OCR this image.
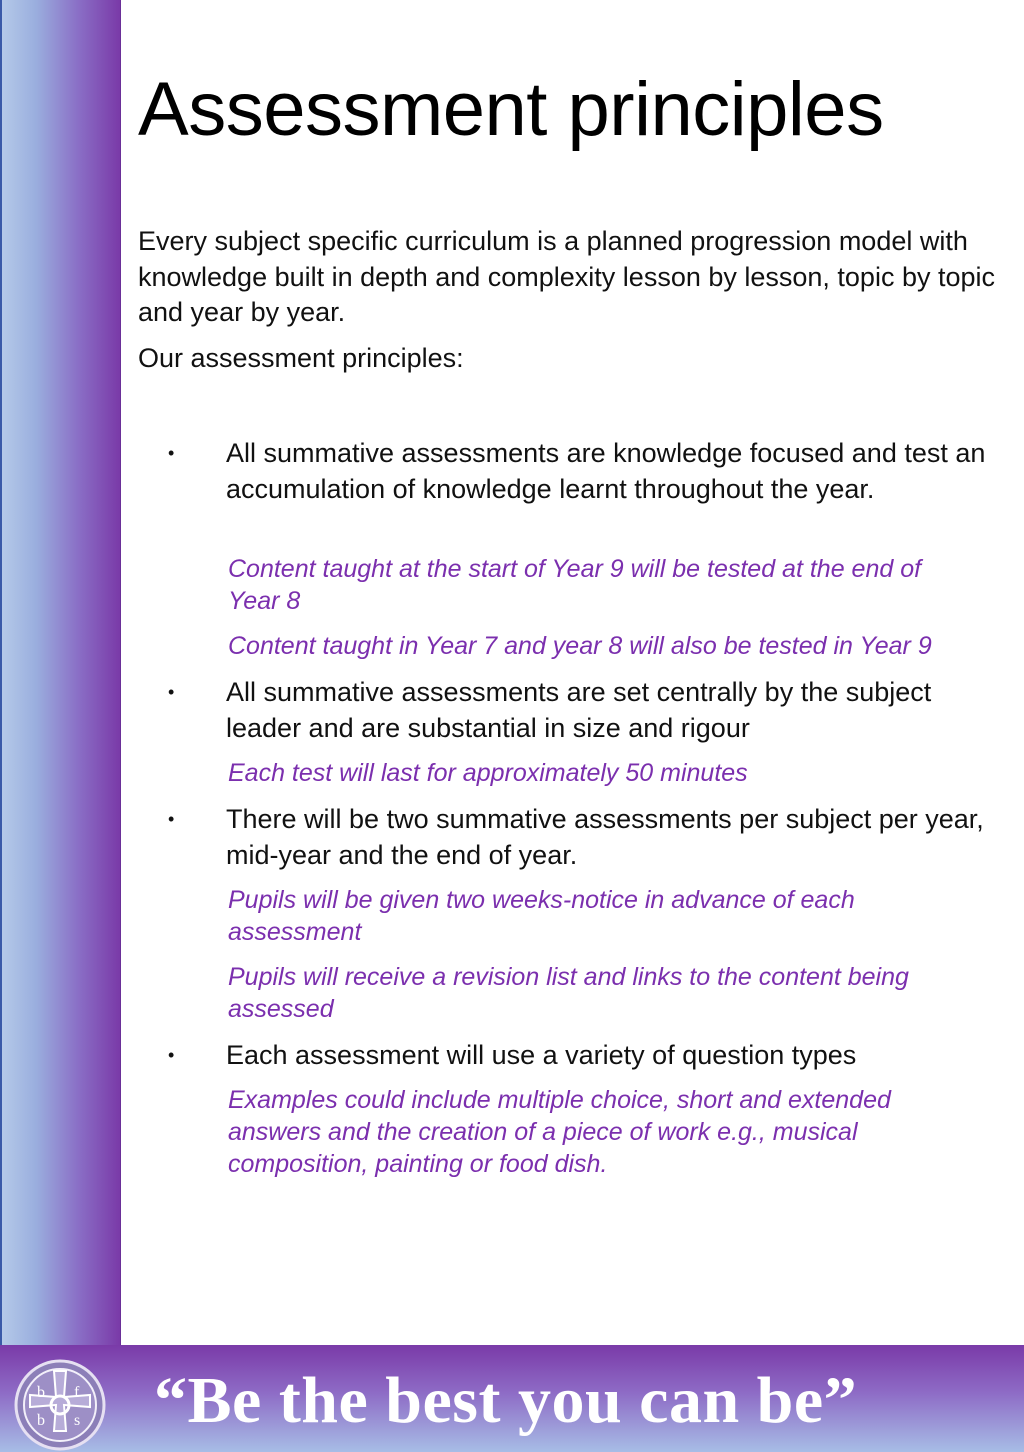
Assessment principles

Every subject specific curriculum is a planned progression model with knowledge built in depth and complexity lesson by lesson, topic by topic and year by year.

Our assessment principles:

• All summative assessments are knowledge focused and test an accumulation of knowledge learnt throughout the year.

Content taught at the start of Year 9 will be tested at the end of
Year 8

Content taught in Year 7 and year 8 will also be tested in Year 9

• All summative assessments are set centrally by the subject leader and are substantial in size and rigour

Each test will last for approximately 50 minutes

• There will be two summative assessments per subject per year, mid-year and the end of year.

Pupils will be given two weeks-notice in advance of each
assessment

Pupils will receive a revision list and links to the content being
assessed

• Each assessment will use a variety of question types

Examples could include multiple choice, short and extended
answers and the creation of a piece of work e.g., musical
composition, painting or food dish.

b f
b s “Be the best you can be”
